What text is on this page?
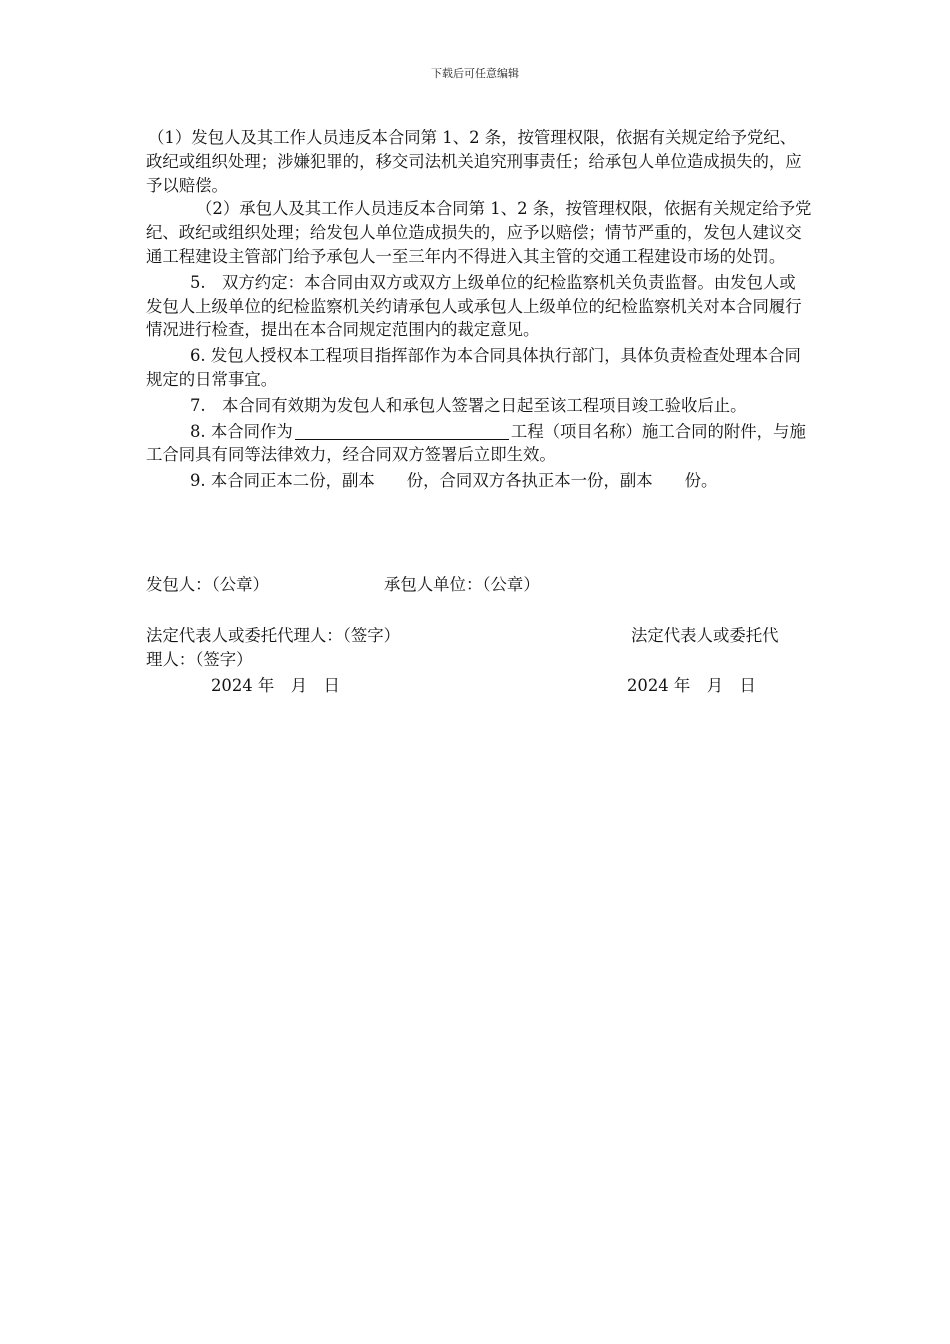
下载后可任意编辑

（1）发包人及其工作人员违反本合同第 1、2 条，按管理权限，依据有关规定给予党纪、政纪或组织处理；涉嫌犯罪的，移交司法机关追究刑事责任；给承包人单位造成损失的，应予以赔偿。

（2）承包人及其工作人员违反本合同第 1、2 条，按管理权限，依据有关规定给予党纪、政纪或组织处理；给发包人单位造成损失的，应予以赔偿；情节严重的，发包人建议交通工程建设主管部门给予承包人一至三年内不得进入其主管的交通工程建设市场的处罚。

5.　双方约定：本合同由双方或双方上级单位的纪检监察机关负责监督。由发包人或发包人上级单位的纪检监察机关约请承包人或承包人上级单位的纪检监察机关对本合同履行情况进行检查，提出在本合同规定范围内的裁定意见。

6. 发包人授权本工程项目指挥部作为本合同具体执行部门，具体负责检查处理本合同规定的日常事宜。

7.　本合同有效期为发包人和承包人签署之日起至该工程项目竣工验收后止。

8. 本合同作为	工程（项目名称）施工合同的附件，与施工合同具有同等法律效力，经合同双方签署后立即生效。

9. 本合同正本二份，副本 份，合同双方各执正本一份，副本 份。

发包人：（公章）	承包人单位：（公章）
法定代表人或委托代理人：（签字）	法定代表人或委托代
理人：（签字）
2024 年　月　日	2024 年　月　日
